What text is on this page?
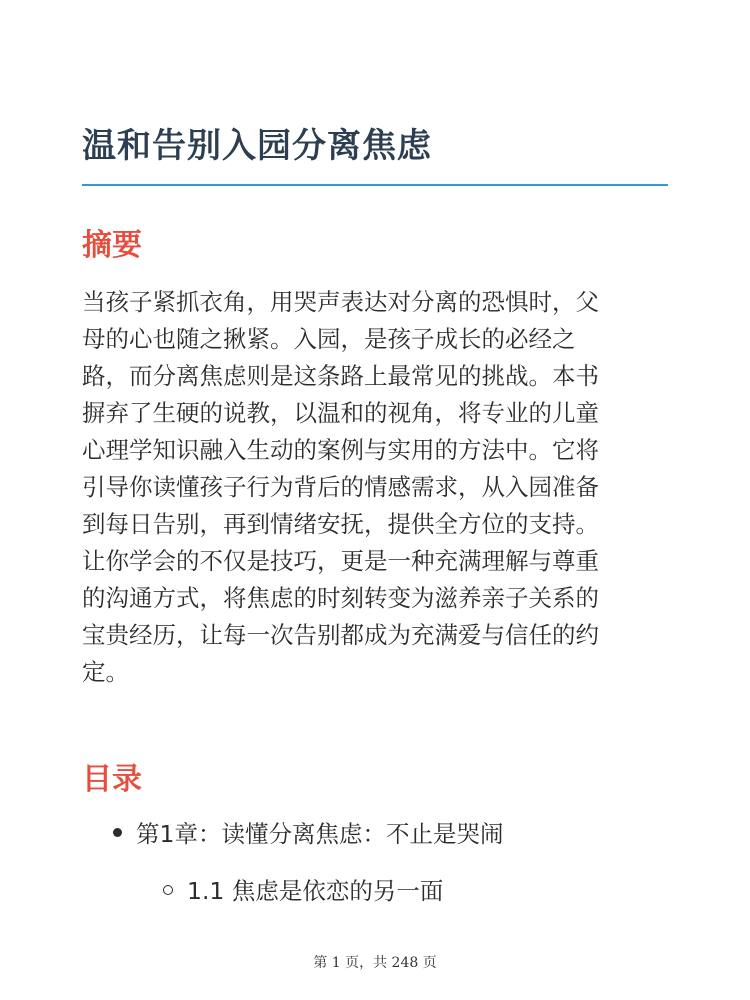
温和告别入园分离焦虑
摘要
当孩子紧抓衣角，用哭声表达对分离的恐惧时，父
母的心也随之揪紧。入园，是孩子成长的必经之
路，而分离焦虑则是这条路上最常见的挑战。本书
摒弃了生硬的说教，以温和的视角，将专业的儿童
心理学知识融入生动的案例与实用的方法中。它将
引导你读懂孩子行为背后的情感需求，从入园准备
到每日告别，再到情绪安抚，提供全方位的支持。
让你学会的不仅是技巧，更是一种充满理解与尊重
的沟通方式，将焦虑的时刻转变为滋养亲子关系的
宝贵经历，让每一次告别都成为充满爱与信任的约
定。
目录
第1章：读懂分离焦虑：不止是哭闹
1.1 焦虑是依恋的另一面
第 1 页，共 248 页
